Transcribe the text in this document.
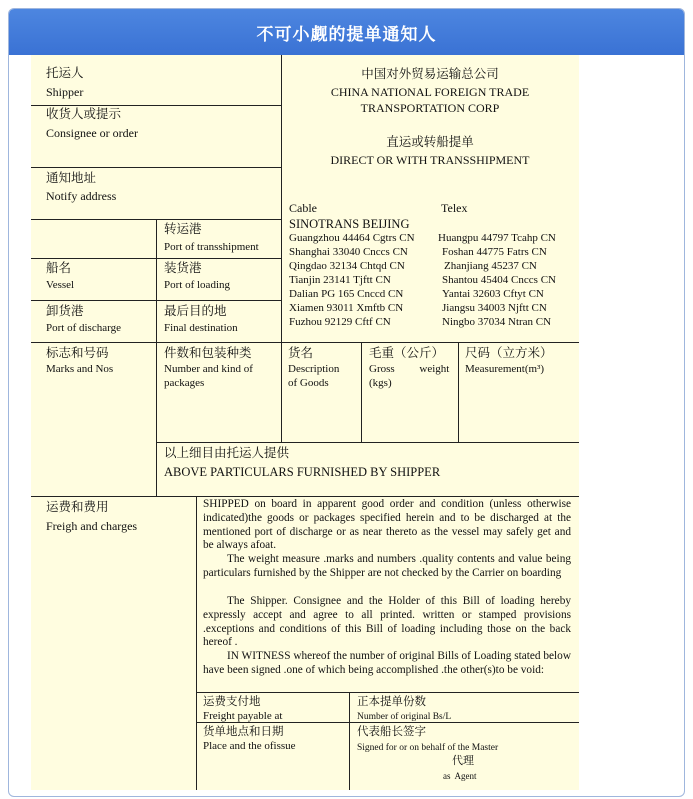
不可小觑的提单通知人
托运人
Shipper
收货人或提示
Consignee or order
通知地址
Notify address
中国对外贸易运输总公司
CHINA NATIONAL FOREIGN TRADE
TRANSPORTATION CORP
直运或转船提单
DIRECT OR WITH TRANSSHIPMENT
Cable	Telex
SINOTRANS BEIJING
Guangzhou 44464 Cgtrs CN
Shanghai 33040 Cnccs CN
Qingdao 32134 Chtqd CN
Tianjin 23141 Tjftt CN
Dalian PG 165 Cnccd CN
Xiamen 93011 Xmftb CN
Fuzhou 92129 Cftf CN
Huangpu 44797 Tcahp CN
Foshan 44775 Fatrs CN
Zhanjiang 45237 CN
Shantou 45404 Cnccs CN
Yantai 32603 Cftyt CN
Jiangsu 34003 Njftt CN
Ningbo 37034 Ntran CN
转运港
Port of transshipment
船名
Vessel
装货港
Port of loading
卸货港
Port of discharge
最后目的地
Final destination
标志和号码
Marks and Nos
件数和包装种类
Number and kind of
packages
货名
Description
of Goods
毛重（公斤）
Gross         weight
(kgs)
尺码（立方米）
Measurement(m³)
以上细目由托运人提供
ABOVE PARTICULARS FURNISHED BY SHIPPER
运费和费用
Freigh and charges
SHIPPED on board in apparent good order and condition (unless otherwise indicated)the goods or packages specified herein and to be discharged at the mentioned port of discharge or as near thereto as the vessel may safely get and be always afoat.
The weight measure .marks and numbers .quality contents and value being particulars furnished by the Shipper are not checked by the Carrier on boarding
The Shipper. Consignee and the Holder of this Bill of loading hereby expressly accept and agree to all printed. written or stamped provisions .exceptions and conditions of this Bill of loading including those on the back hereof .
IN WITNESS whereof the number of original Bills of Loading stated below have been signed .one of which being accomplished .the other(s)to be void:
运费支付地
Freight payable at
正本提单份数
Number of original Bs/L
货单地点和日期
Place and the ofissue
代表船长签字
Signed for or on behalf of the Master
代理
as  Agent
